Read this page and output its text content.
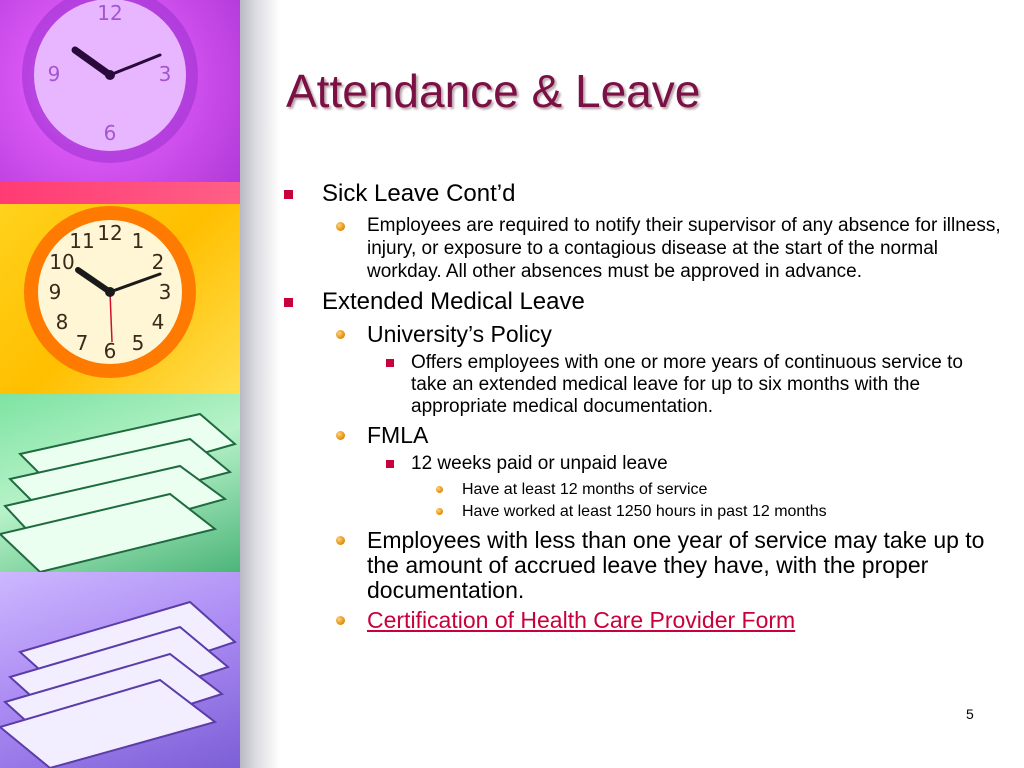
12
3
6
9
12 1
2
3
4
5
6
7
8
9
10
11
Attendance & Leave
Sick Leave Cont’d
Employees are required to notify their supervisor of any absence for illness, injury, or exposure to a contagious disease at the start of the normal workday. All other absences must be approved in advance.
Extended Medical Leave
University’s Policy
Offers employees with one or more years of continuous service to take an extended medical leave for up to six months with the appropriate medical documentation.
FMLA
12 weeks paid or unpaid leave
Have at least 12 months of service
Have worked at least 1250 hours in past 12 months
Employees with less than one year of service may take up to the amount of accrued leave they have, with the proper documentation.
Certification of Health Care Provider Form
5
